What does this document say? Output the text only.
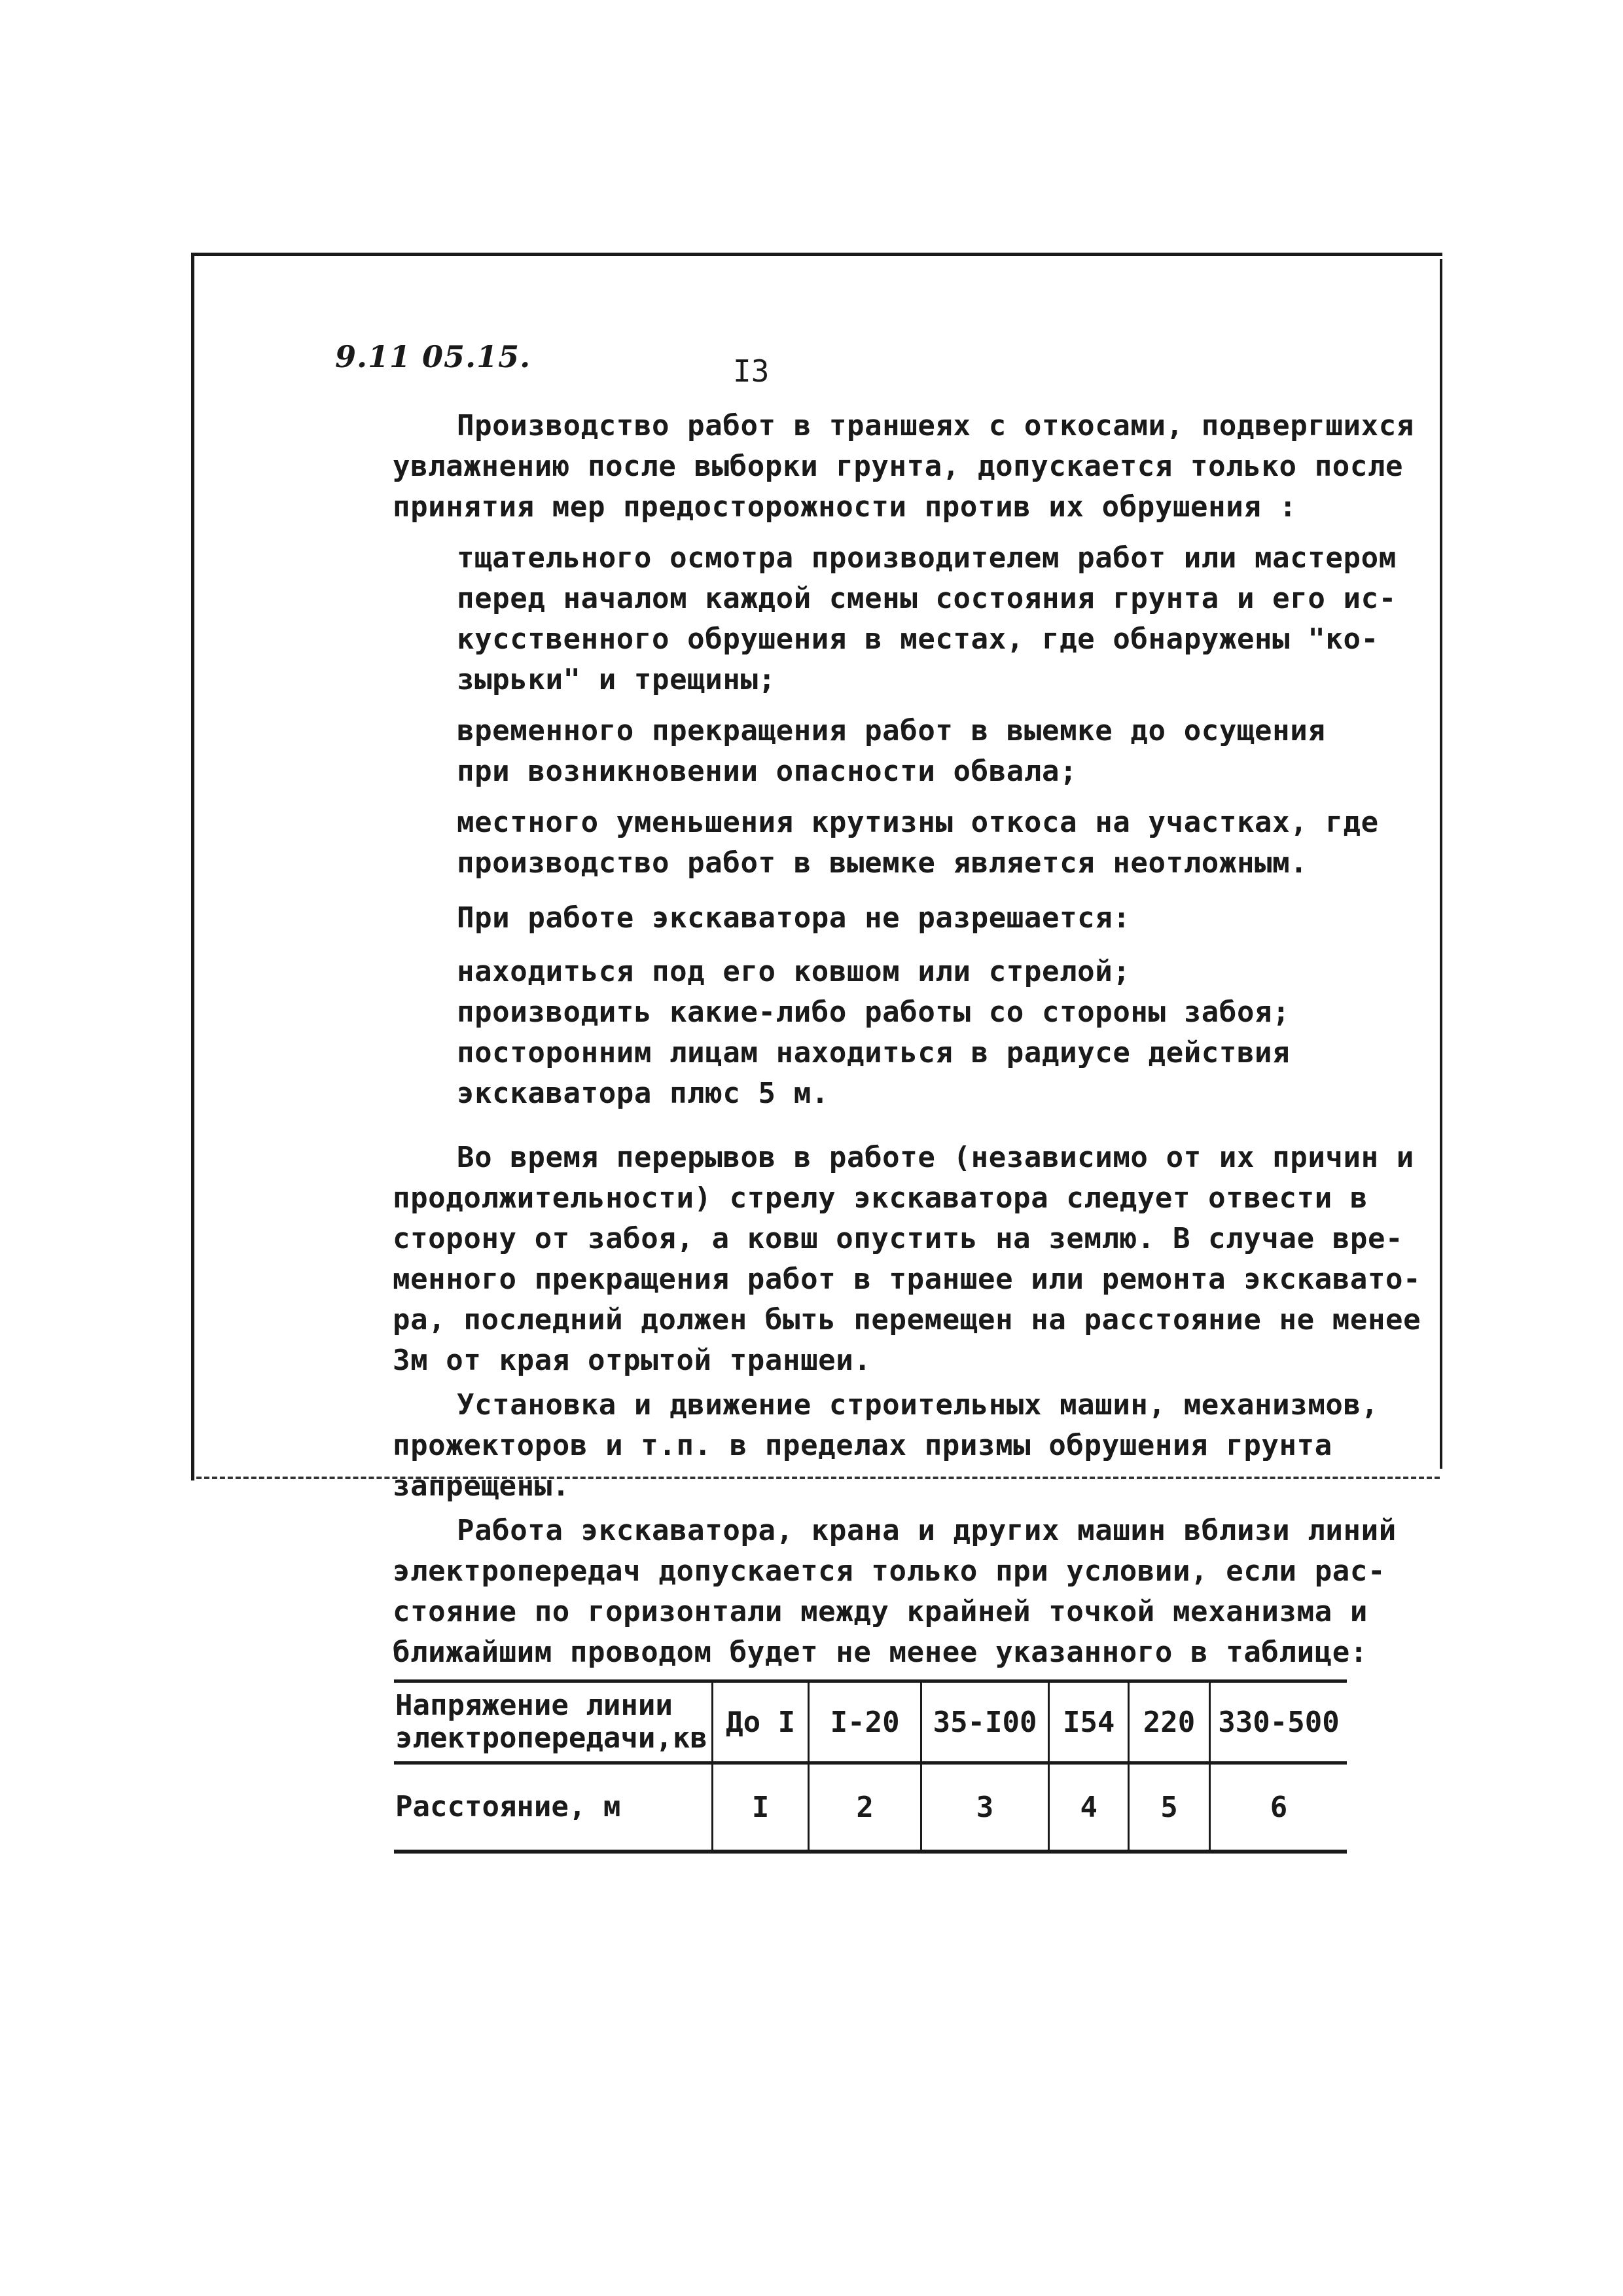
9.11 05.15.	I3
Производство работ в траншеях с откосами, подвергшихся
увлажнению после выборки грунта, допускается только после
принятия мер предосторожности против их обрушения :
тщательного осмотра производителем работ или мастером
перед началом каждой смены состояния грунта и его ис-
кусственного обрушения в местах, где обнаружены "ко-
зырьки" и трещины;
временного прекращения работ в выемке до осущения
при возникновении опасности обвала;
местного уменьшения крутизны откоса на участках, где
производство работ в выемке является неотложным.
При работе экскаватора не разрешается:
находиться под его ковшом или стрелой;
производить какие-либо работы со стороны забоя;
посторонним лицам находиться в радиусе действия
экскаватора плюс 5 м.
Во время перерывов в работе (независимо от их причин и
продолжительности) стрелу экскаватора следует отвести в
сторону от забоя, а ковш опустить на землю. В случае вре-
менного прекращения работ в траншее или ремонта экскавато-
ра, последний должен быть перемещен на расстояние не менее
3м от края отрытой траншеи.
Установка и движение строительных машин, механизмов,
прожекторов и т.п. в пределах призмы обрушения грунта
запрещены.
Работа экскаватора, крана и других машин вблизи линий
электропередач допускается только при условии, если рас-
стояние по горизонтали между крайней точкой механизма и
ближайшим проводом будет не менее указанного в таблице:
Напряжение линии
электропередачи,кв	До I	I-20	35-I00	I54	220	330-500
Расстояние, м	I	2	3	4	5	6
